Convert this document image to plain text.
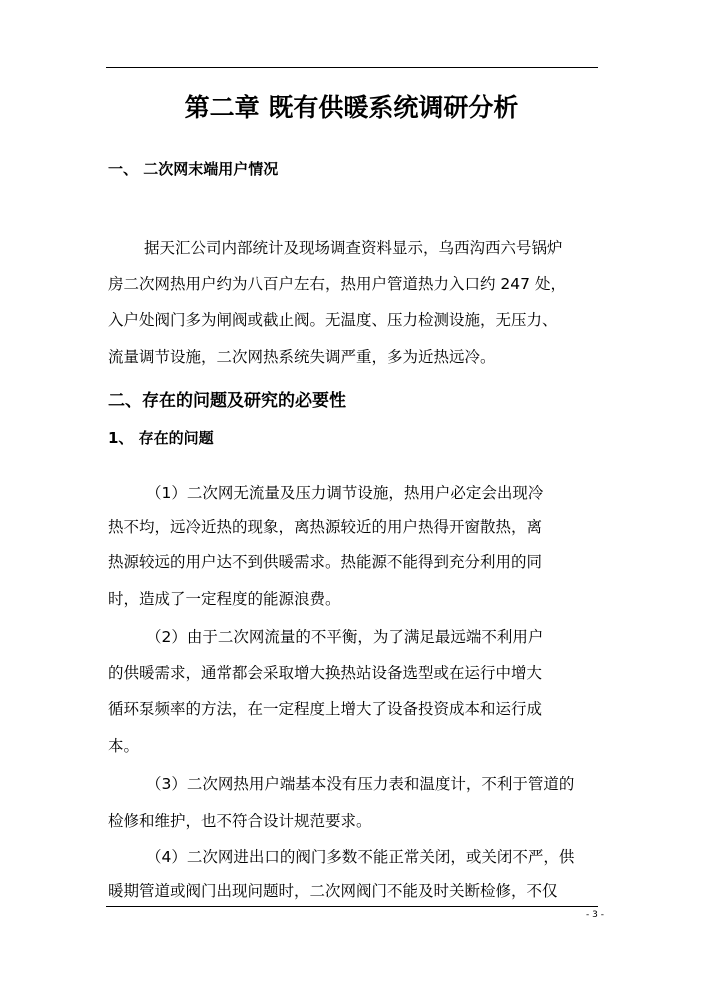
第二章 既有供暖系统调研分析

一、 二次网末端用户情况

据天汇公司内部统计及现场调查资料显示，乌西沟西六号锅炉

房二次网热用户约为八百户左右，热用户管道热力入口约 247 处，

入户处阀门多为闸阀或截止阀。无温度、压力检测设施，无压力、

流量调节设施，二次网热系统失调严重，多为近热远冷。

二、存在的问题及研究的必要性

1、 存在的问题

（1）二次网无流量及压力调节设施，热用户必定会出现冷

热不均，远冷近热的现象，离热源较近的用户热得开窗散热，离

热源较远的用户达不到供暖需求。热能源不能得到充分利用的同

时，造成了一定程度的能源浪费。

（2）由于二次网流量的不平衡，为了满足最远端不利用户

的供暖需求，通常都会采取增大换热站设备选型或在运行中增大

循环泵频率的方法，在一定程度上增大了设备投资成本和运行成

本。

（3）二次网热用户端基本没有压力表和温度计，不利于管道的

检修和维护，也不符合设计规范要求。

（4）二次网进出口的阀门多数不能正常关闭，或关闭不严，供

暖期管道或阀门出现问题时，二次网阀门不能及时关断检修，不仅

- 3 -
